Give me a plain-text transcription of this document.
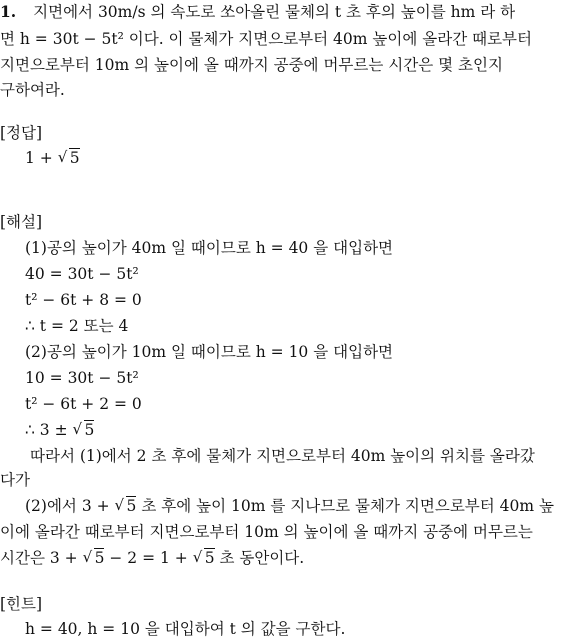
1. 지면에서 30m/s 의 속도로 쏘아올린 물체의 t 초 후의 높이를 hm 라 하
면 h = 30t − 5t² 이다. 이 물체가 지면으로부터 40m 높이에 올라간 때로부터
지면으로부터 10m 의 높이에 올 때까지 공중에 머무르는 시간은 몇 초인지
구하여라.
[정답]
1 + √ 5
[해설]
(1)공의 높이가 40m 일 때이므로 h = 40 을 대입하면
40 = 30t − 5t²
t² − 6t + 8 = 0
∴ t = 2 또는 4
(2)공의 높이가 10m 일 때이므로 h = 10 을 대입하면
10 = 30t − 5t²
t² − 6t + 2 = 0
∴ 3 ± √ 5
따라서 (1)에서 2 초 후에 물체가 지면으로부터 40m 높이의 위치를 올라갔
다가
(2)에서 3 + √ 5 초 후에 높이 10m 를 지나므로 물체가 지면으로부터 40m 높
이에 올라간 때로부터 지면으로부터 10m 의 높이에 올 때까지 공중에 머무르는
시간은 3 + √ 5 − 2 = 1 + √ 5 초 동안이다.
[힌트]
h = 40, h = 10 을 대입하여 t 의 값을 구한다.
